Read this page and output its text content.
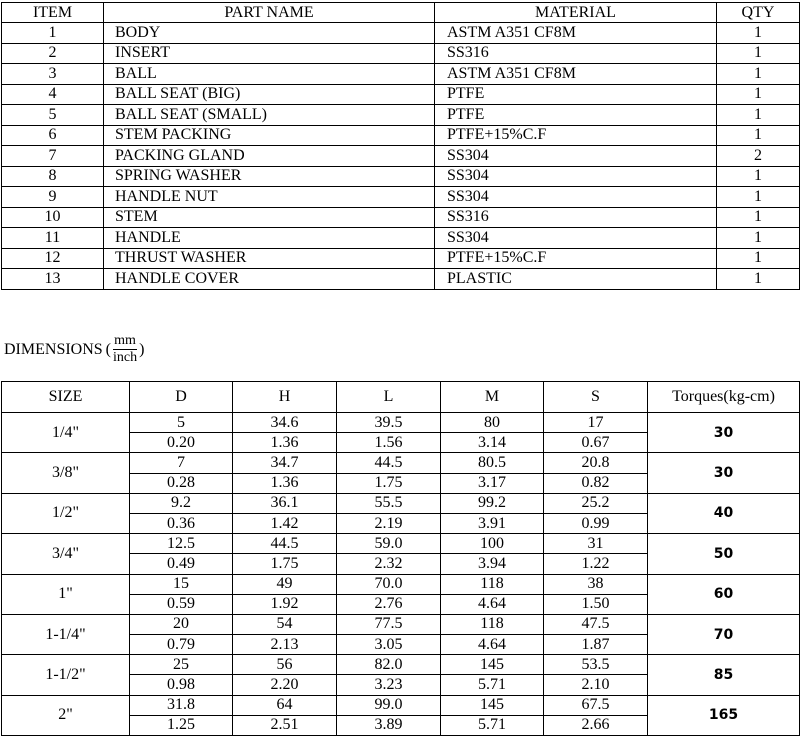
ITEM	PART NAME	MATERIAL	QTY
1	BODY	ASTM A351 CF8M	1
2	INSERT	SS316	1
3	BALL	ASTM A351 CF8M	1
4	BALL SEAT (BIG)	PTFE	1
5	BALL SEAT (SMALL)	PTFE	1
6	STEM PACKING	PTFE+15%C.F	1
7	PACKING GLAND	SS304	2
8	SPRING WASHER	SS304	1
9	HANDLE NUT	SS304	1
10	STEM	SS316	1
11	HANDLE	SS304	1
12	THRUST WASHER	PTFE+15%C.F	1
13	HANDLE COVER	PLASTIC	1
DIMENSIONS ( $\frac{mm}{\text{inch}}$ )
SIZE	D	H	L	M	S	Torques(kg-cm)
1/4"	5	34.6	39.5	80	17	30
	0.20	1.36	1.56	3.14	0.67	
3/8"	7	34.7	44.5	80.5	20.8	30
	0.28	1.36	1.75	3.17	0.82	
1/2"	9.2	36.1	55.5	99.2	25.2	40
	0.36	1.42	2.19	3.91	0.99	
3/4"	12.5	44.5	59.0	100	31	50
	0.49	1.75	2.32	3.94	1.22	
1"	15	49	70.0	118	38	60
	0.59	1.92	2.76	4.64	1.50	
1-1/4"	20	54	77.5	118	47.5	70
	0.79	2.13	3.05	4.64	1.87	
1-1/2"	25	56	82.0	145	53.5	85
	0.98	2.20	3.23	5.71	2.10	
2"	31.8	64	99.0	145	67.5	165
	1.25	2.51	3.89	5.71	2.66	
